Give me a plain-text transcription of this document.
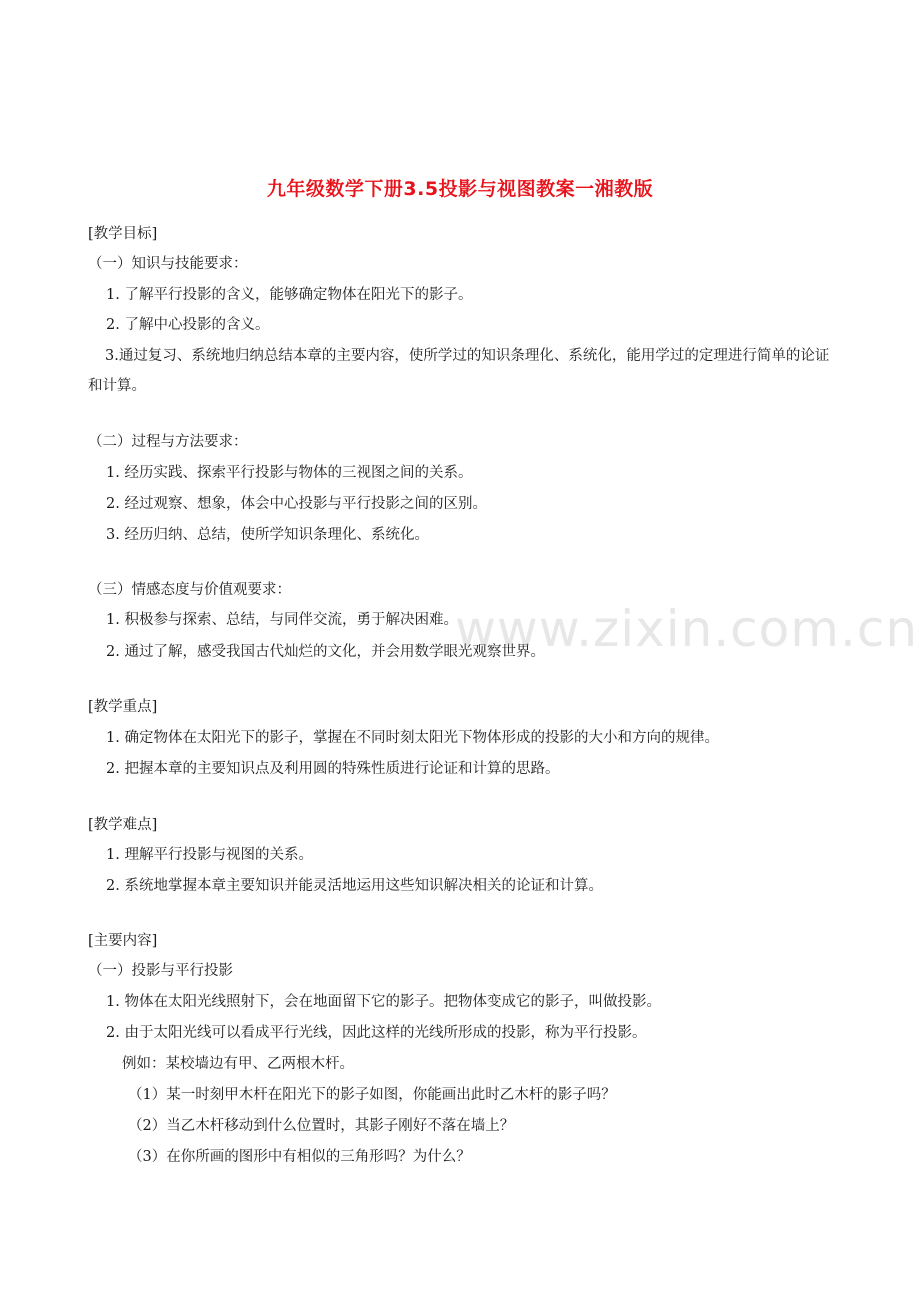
九年级数学下册3.5投影与视图教案一湘教版
[教学目标]
（一）知识与技能要求：
1. 了解平行投影的含义，能够确定物体在阳光下的影子。
2. 了解中心投影的含义。
3.通过复习、系统地归纳总结本章的主要内容，使所学过的知识条理化、系统化，能用学过的定理进行简单的论证和计算。
（二）过程与方法要求：
1. 经历实践、探索平行投影与物体的三视图之间的关系。
2. 经过观察、想象，体会中心投影与平行投影之间的区别。
3. 经历归纳、总结，使所学知识条理化、系统化。
（三）情感态度与价值观要求：
1. 积极参与探索、总结，与同伴交流，勇于解决困难。
2. 通过了解，感受我国古代灿烂的文化，并会用数学眼光观察世界。
[教学重点]
1. 确定物体在太阳光下的影子，掌握在不同时刻太阳光下物体形成的投影的大小和方向的规律。
2. 把握本章的主要知识点及利用圆的特殊性质进行论证和计算的思路。
[教学难点]
1. 理解平行投影与视图的关系。
2. 系统地掌握本章主要知识并能灵活地运用这些知识解决相关的论证和计算。
[主要内容]
（一）投影与平行投影
1. 物体在太阳光线照射下，会在地面留下它的影子。把物体变成它的影子，叫做投影。
2. 由于太阳光线可以看成平行光线，因此这样的光线所形成的投影，称为平行投影。
例如：某校墙边有甲、乙两根木杆。
（1）某一时刻甲木杆在阳光下的影子如图，你能画出此时乙木杆的影子吗？
（2）当乙木杆移动到什么位置时，其影子刚好不落在墙上？
（3）在你所画的图形中有相似的三角形吗？为什么？
www.zixin.com.cn
